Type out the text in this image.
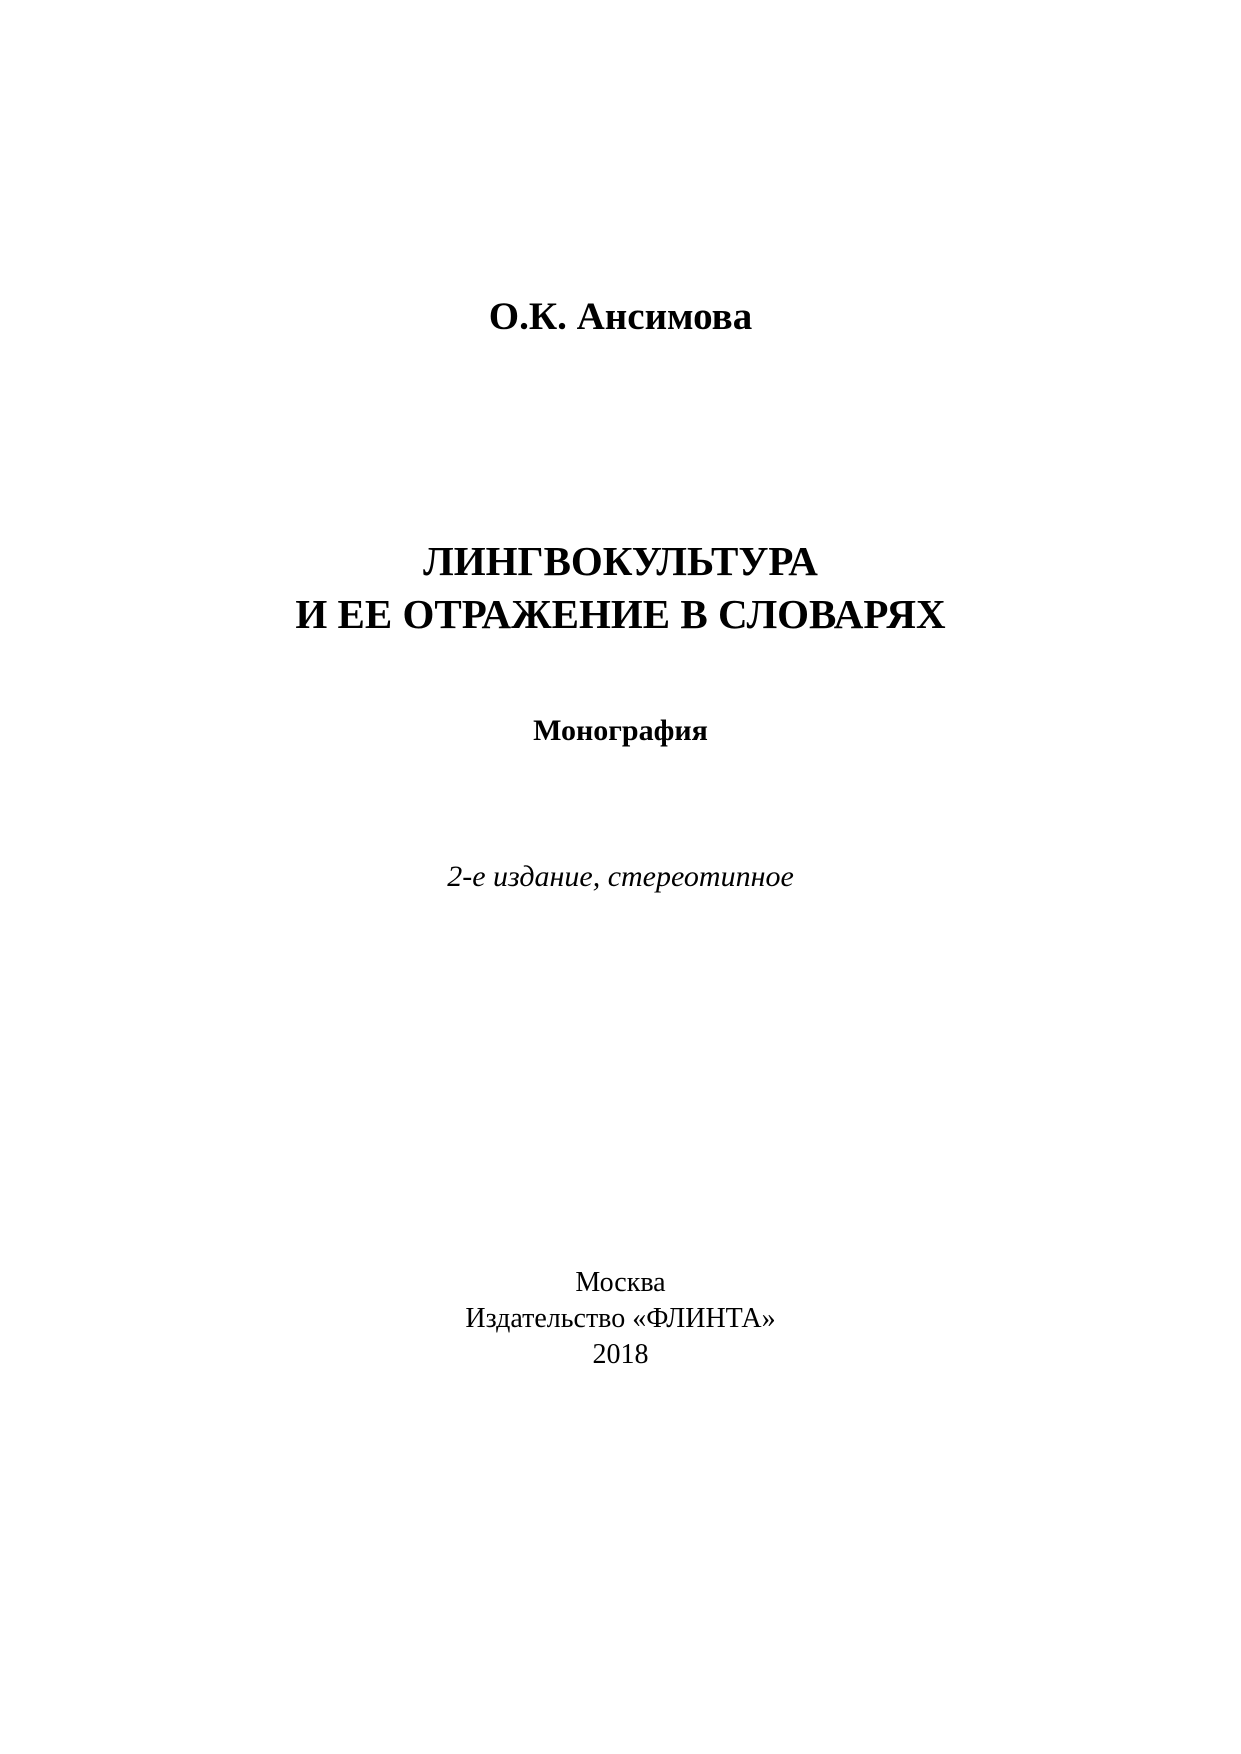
О.К. Ансимова

ЛИНГВОКУЛЬТУРА

И ЕЕ ОТРАЖЕНИЕ В СЛОВАРЯХ

Монография

2-е издание, стереотипное

Москва

Издательство «ФЛИНТА»

2018
